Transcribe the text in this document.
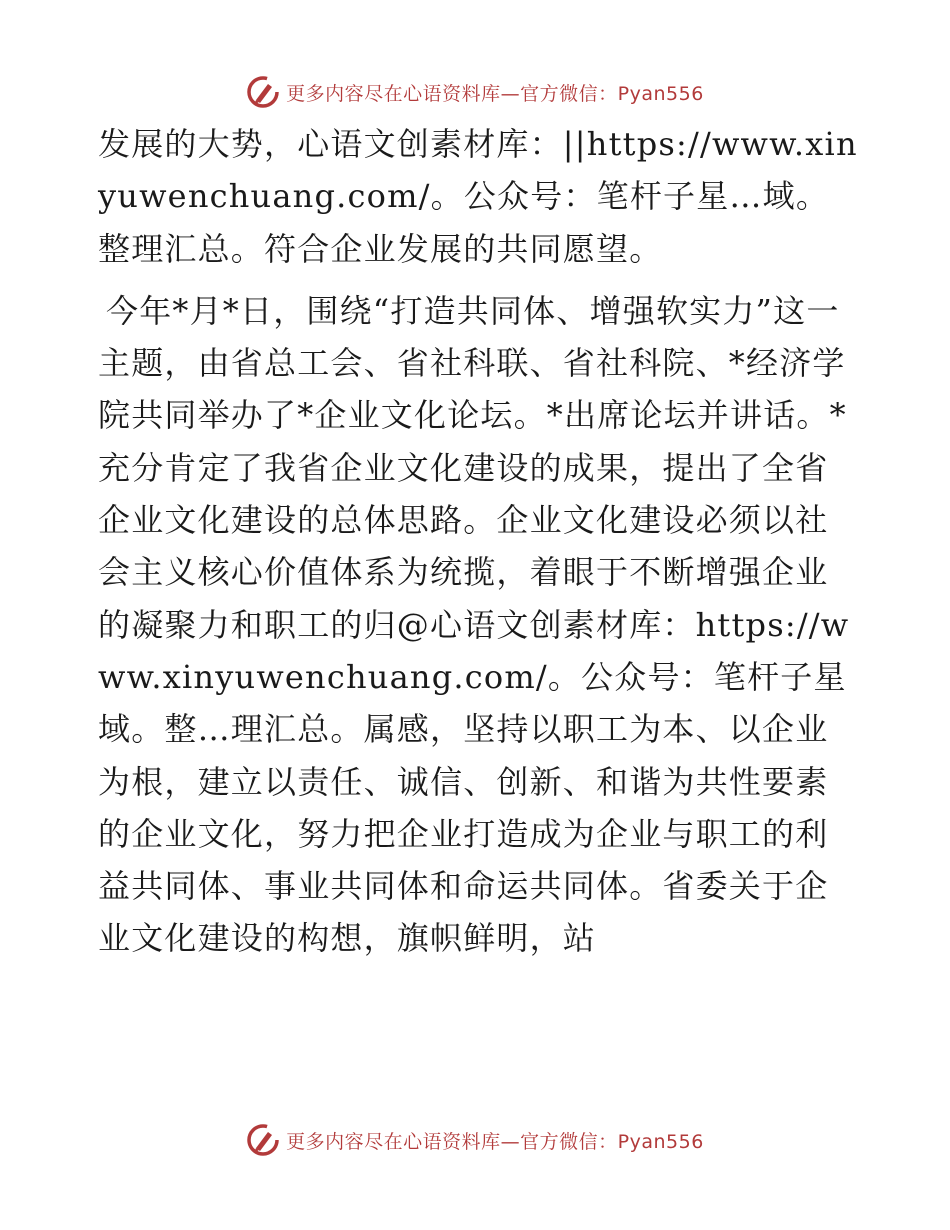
更多内容尽在心语资料库—官方微信：Pyan556

发展的大势，心语文创素材库：||https://www.xinyuwenchuang.com/。公众号：笔杆子星…域。整理汇总。符合企业发展的共同愿望。

今年*月*日，围绕“打造共同体、增强软实力”这一主题，由省总工会、省社科联、省社科院、*经济学院共同举办了*企业文化论坛。*出席论坛并讲话。*充分肯定了我省企业文化建设的成果，提出了全省企业文化建设的总体思路。企业文化建设必须以社会主义核心价值体系为统揽，着眼于不断增强企业的凝聚力和职工的归@心语文创素材库：https://www.xinyuwenchuang.com/。公众号：笔杆子星域。整…理汇总。属感，坚持以职工为本、以企业为根，建立以责任、诚信、创新、和谐为共性要素的企业文化，努力把企业打造成为企业与职工的利益共同体、事业共同体和命运共同体。省委关于企业文化建设的构想，旗帜鲜明，站

更多内容尽在心语资料库—官方微信：Pyan556
